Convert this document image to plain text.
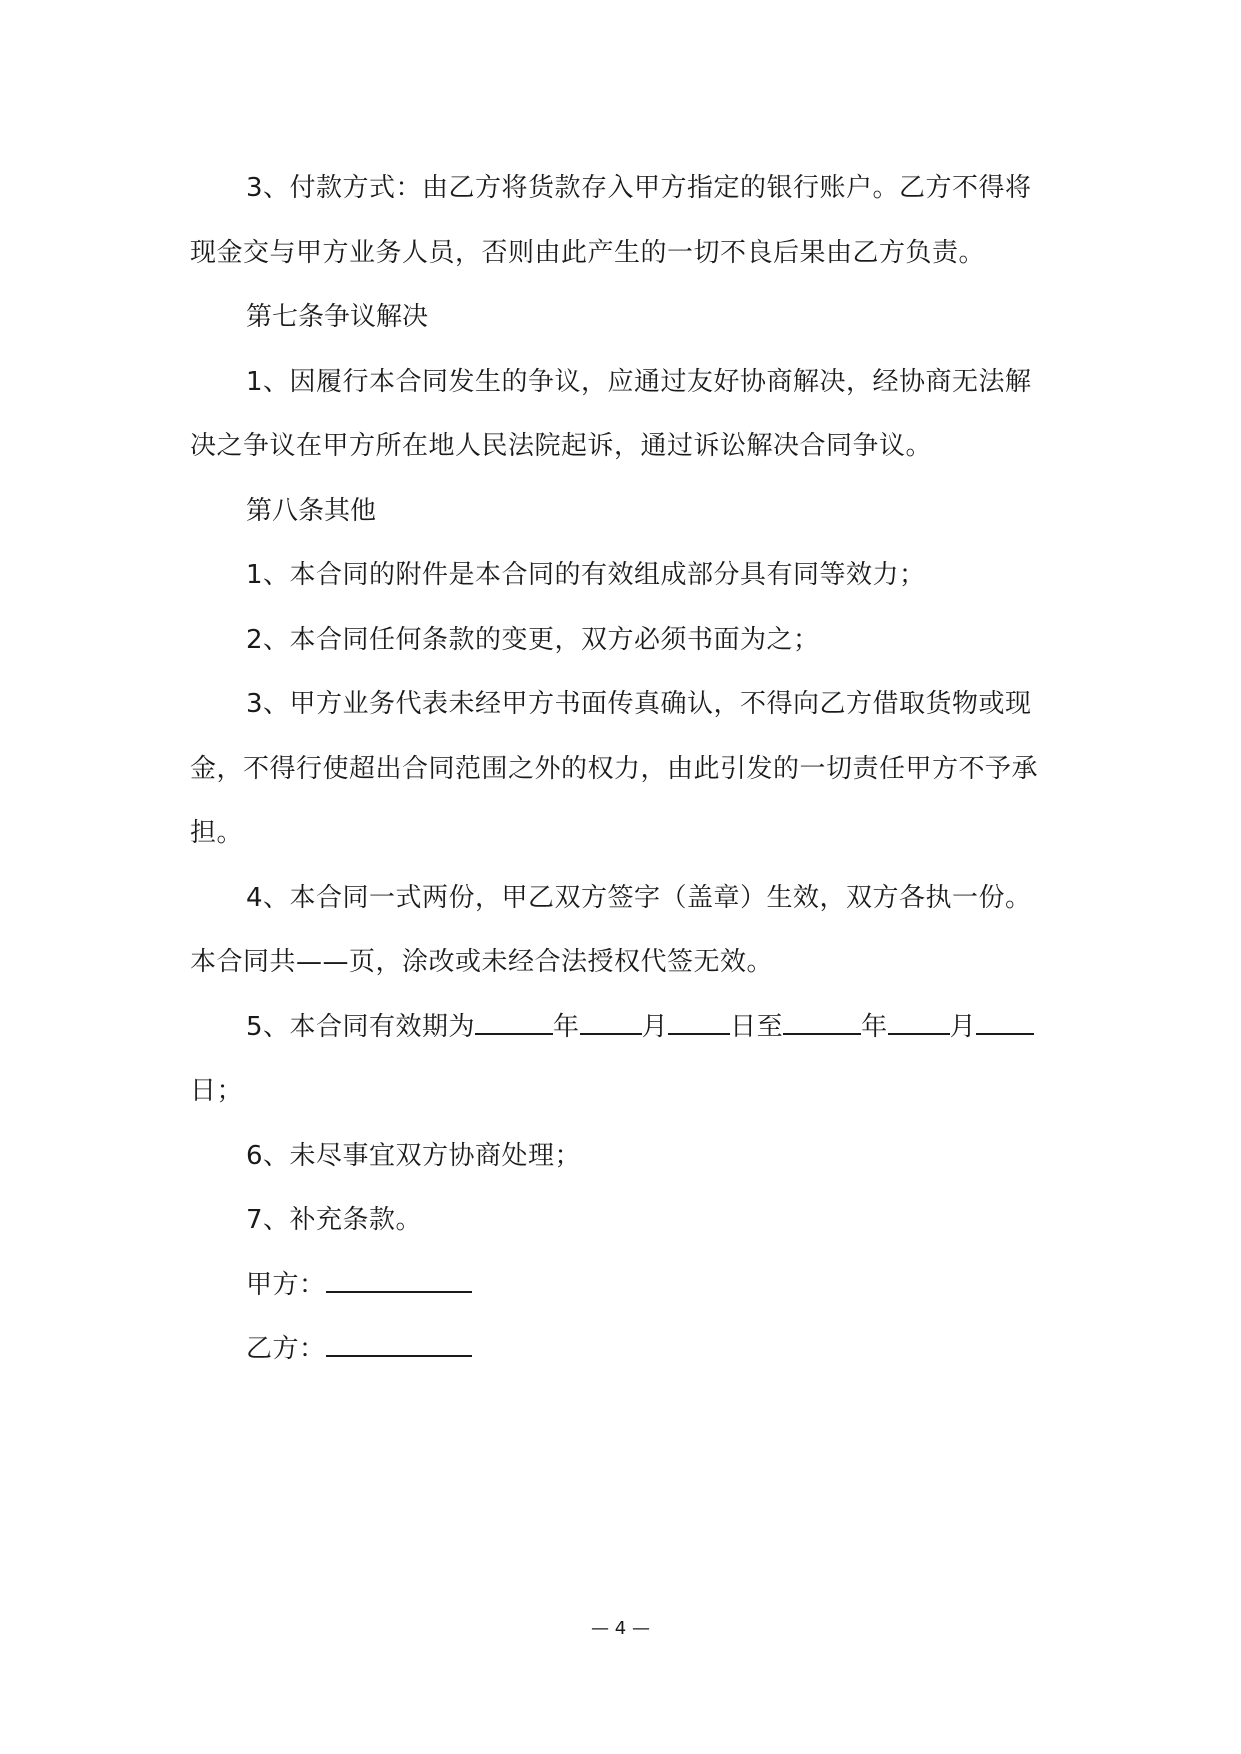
3、付款方式：由乙方将货款存入甲方指定的银行账户。乙方不得将现金交与甲方业务人员，否则由此产生的一切不良后果由乙方负责。

第七条争议解决

1、因履行本合同发生的争议，应通过友好协商解决，经协商无法解决之争议在甲方所在地人民法院起诉，通过诉讼解决合同争议。

第八条其他

1、本合同的附件是本合同的有效组成部分具有同等效力；

2、本合同任何条款的变更，双方必须书面为之；

3、甲方业务代表未经甲方书面传真确认，不得向乙方借取货物或现金，不得行使超出合同范围之外的权力，由此引发的一切责任甲方不予承担。

4、本合同一式两份，甲乙双方签字（盖章）生效，双方各执一份。本合同共——页，涂改或未经合法授权代签无效。

5、本合同有效期为	年 月 日至	年 月日；

6、未尽事宜双方协商处理；

7、补充条款。

甲方：

乙方：

— 4 —
